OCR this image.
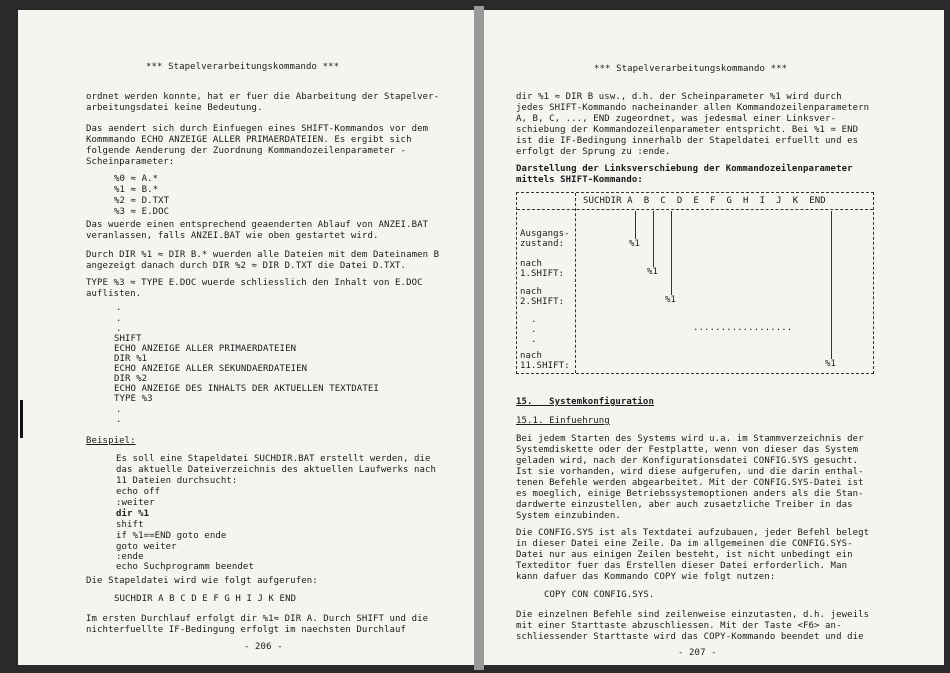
*** Stapelverarbeitungskommando ***
ordnet werden konnte, hat er fuer die Abarbeitung der Stapelver-
arbeitungsdatei keine Bedeutung.
Das aendert sich durch Einfuegen eines SHIFT-Kommandos vor dem
Kommmando ECHO ANZEIGE ALLER PRIMAERDATEIEN. Es ergibt sich
folgende Aenderung der Zuordnung Kommandozeilenparameter -
Scheinparameter:
%0 ≈ A.*
%1 ≈ B.*
%2 ≈ D.TXT
%3 ≈ E.DOC
Das wuerde einen entsprechend geaenderten Ablauf von ANZEI.BAT
veranlassen, falls ANZEI.BAT wie oben gestartet wird.
Durch DIR %1 ≈ DIR B.* wuerden alle Dateien mit dem Dateinamen B
angezeigt danach durch DIR %2 ≈ DIR D.TXT die Datei D.TXT.
TYPE %3 ≈ TYPE E.DOC wuerde schliesslich den Inhalt von E.DOC
auflisten.
.
.
.
SHIFT
ECHO ANZEIGE ALLER PRIMAERDATEIEN
DIR %1
ECHO ANZEIGE ALLER SEKUNDAERDATEIEN
DIR %2
ECHO ANZEIGE DES INHALTS DER AKTUELLEN TEXTDATEI
TYPE %3
.
.
Beispiel:
Es soll eine Stapeldatei SUCHDIR.BAT erstellt werden, die
das aktuelle Dateiverzeichnis des aktuellen Laufwerks nach
11 Dateien durchsucht:
echo off
:weiter
dir %1
shift
if %1==END goto ende
goto weiter
:ende
echo Suchprogramm beendet
Die Stapeldatei wird wie folgt aufgerufen:
SUCHDIR A B C D E F G H I J K END
Im ersten Durchlauf erfolgt dir %1≈ DIR A. Durch SHIFT und die
nichterfuellte IF-Bedingung erfolgt im naechsten Durchlauf
- 206 -
*** Stapelverarbeitungskommando ***
dir %1 ≈ DIR B usw., d.h. der Scheinparameter %1 wird durch
jedes SHIFT-Kommando nacheinander allen Kommandozeilenparametern
A, B, C, ..., END zugeordnet, was jedesmal einer Linksver-
schiebung der Kommandozeilenparameter entspricht. Bei %1 = END
ist die IF-Bedingung innerhalb der Stapeldatei erfuellt und es
erfolgt der Sprung zu :ende.
Darstellung der Linksverschiebung der Kommandozeilenparameter
mittels SHIFT-Kommando:
SUCHDIR A  B  C  D  E  F  G  H  I  J  K  END
Ausgangs-
zustand:	%1
nach
1.SHIFT:	%1
nach
2.SHIFT:	%1
.
.
.
..................
nach
11.SHIFT:	%1
15.   Systemkonfiguration
15.1. Einfuehrung
Bei jedem Starten des Systems wird u.a. im Stammverzeichnis der
Systemdiskette oder der Festplatte, wenn von dieser das System
geladen wird, nach der Konfigurationsdatei CONFIG.SYS gesucht.
Ist sie vorhanden, wird diese aufgerufen, und die darin enthal-
tenen Befehle werden abgearbeitet. Mit der CONFIG.SYS-Datei ist
es moeglich, einige Betriebssystemoptionen anders als die Stan-
dardwerte einzustellen, aber auch zusaetzliche Treiber in das
System einzubinden.
Die CONFIG.SYS ist als Textdatei aufzubauen, jeder Befehl belegt
in dieser Datei eine Zeile. Da im allgemeinen die CONFIG.SYS-
Datei nur aus einigen Zeilen besteht, ist nicht unbedingt ein
Texteditor fuer das Erstellen dieser Datei erforderlich. Man
kann dafuer das Kommando COPY wie folgt nutzen:
COPY CON CONFIG.SYS.
Die einzelnen Befehle sind zeilenweise einzutasten, d.h. jeweils
mit einer Starttaste abzuschliessen. Mit der Taste <F6> an-
schliessender Starttaste wird das COPY-Kommando beendet und die
- 207 -
